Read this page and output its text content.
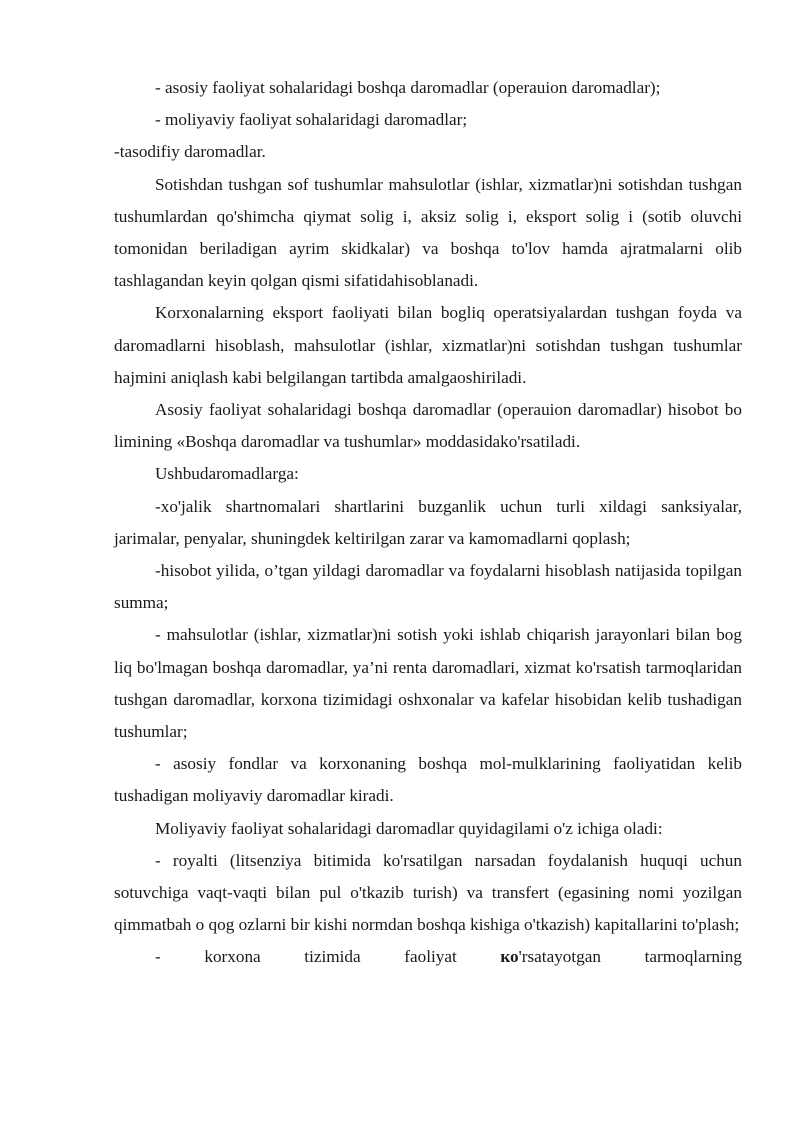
- asosiy faoliyat sohalaridagi boshqa daromadlar (operauion daromadlar);

- moliyaviy faoliyat sohalaridagi daromadlar;

-tasodifiy daromadlar.

Sotishdan tushgan sof tushumlar mahsulotlar (ishlar, xizmatlar)ni sotishdan tushgan tushumlardan qo'shimcha qiymat solig i, aksiz solig i, eksport solig i (sotib oluvchi tomonidan beriladigan ayrim skidkalar) va boshqa to'lov hamda ajratmalarni olib tashlagandan keyin qolgan qismi sifatidahisoblanadi.

Korxonalarning eksport faoliyati bilan bogliq operatsiyalardan tushgan foyda va daromadlarni hisoblash, mahsulotlar (ishlar, xizmatlar)ni sotishdan tushgan tushumlar hajmini aniqlash kabi belgilangan tartibda amalgaoshiriladi.

Asosiy faoliyat sohalaridagi boshqa daromadlar (operauion daromadlar) hisobot bo limining «Boshqa daromadlar va tushumlar» moddasidako'rsatiladi.

Ushbudaromadlarga:

-xo'jalik shartnomalari shartlarini buzganlik uchun turli xildagi sanksiyalar, jarimalar, penyalar, shuningdek keltirilgan zarar va kamomadlarni qoplash;

-hisobot yilida, o’tgan yildagi daromadlar va foydalarni hisoblash natijasida topilgan summa;

- mahsulotlar (ishlar, xizmatlar)ni sotish yoki ishlab chiqarish jarayonlari bilan bog liq bo'lmagan boshqa daromadlar, ya’ni renta daromadlari, xizmat ko'rsatish tarmoqlaridan tushgan daromadlar, korxona tizimidagi oshxonalar va kafelar hisobidan kelib tushadigan tushumlar;

- asosiy fondlar va korxonaning boshqa mol-mulklarining faoliyatidan kelib tushadigan moliyaviy daromadlar kiradi.

Moliyaviy faoliyat sohalaridagi daromadlar quyidagilami o'z ichiga oladi:

- royalti (litsenziya bitimida ko'rsatilgan narsadan foydalanish huquqi uchun sotuvchiga vaqt-vaqti bilan pul o'tkazib turish) va transfert (egasining nomi yozilgan qimmatbah o qog ozlarni bir kishi normdan boshqa kishiga o'tkazish) kapitallarini to'plash;

- korxona tizimida faoliyat ко'rsatayotgan tarmoqlarning
